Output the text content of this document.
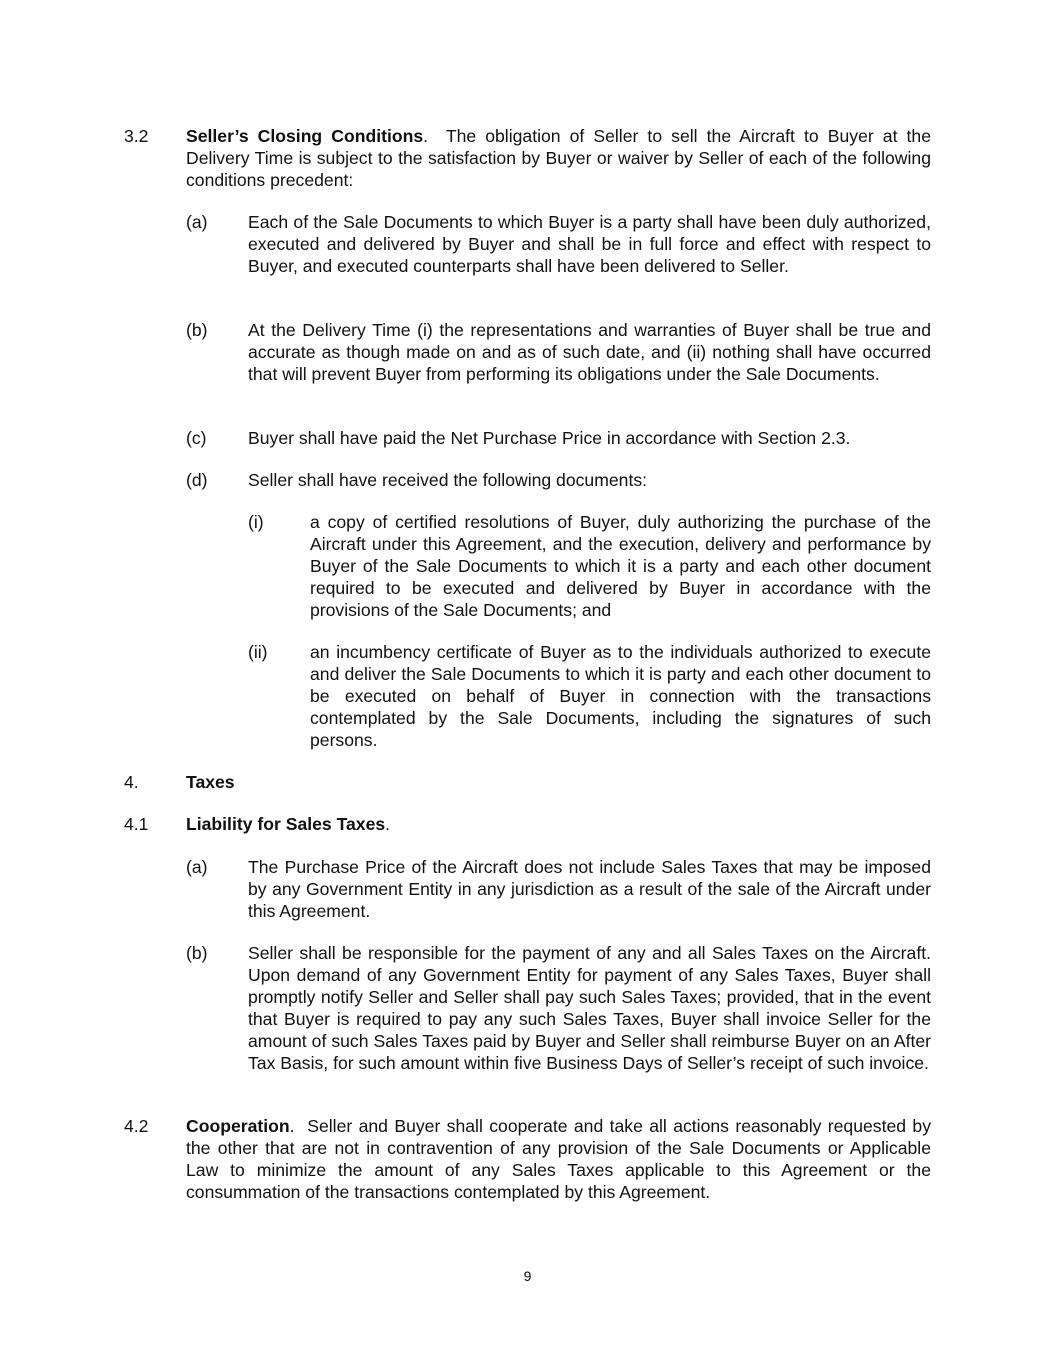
3.2 Seller’s Closing Conditions.  The obligation of Seller to sell the Aircraft to Buyer at the Delivery Time is subject to the satisfaction by Buyer or waiver by Seller of each of the following conditions precedent:

(a) Each of the Sale Documents to which Buyer is a party shall have been duly authorized, executed and delivered by Buyer and shall be in full force and effect with respect to Buyer, and executed counterparts shall have been delivered to Seller.

(b) At the Delivery Time (i) the representations and warranties of Buyer shall be true and accurate as though made on and as of such date, and (ii) nothing shall have occurred that will prevent Buyer from performing its obligations under the Sale Documents.

(c) Buyer shall have paid the Net Purchase Price in accordance with Section 2.3.

(d) Seller shall have received the following documents:

(i)	a copy of certified resolutions of Buyer, duly authorizing the purchase of the Aircraft under this Agreement, and the execution, delivery and performance by Buyer of the Sale Documents to which it is a party and each other document required to be executed and delivered by Buyer in accordance with the provisions of the Sale Documents; and

(ii) an incumbency certificate of Buyer as to the individuals authorized to execute and deliver the Sale Documents to which it is party and each other document to be executed on behalf of Buyer in connection with the transactions contemplated by the Sale Documents, including the signatures of such persons.

4.	Taxes

4.1 Liability for Sales Taxes.

(a) The Purchase Price of the Aircraft does not include Sales Taxes that may be imposed by any Government Entity in any jurisdiction as a result of the sale of the Aircraft under this Agreement.

(b) Seller shall be responsible for the payment of any and all Sales Taxes on the Aircraft.  Upon demand of any Government Entity for payment of any Sales Taxes, Buyer shall promptly notify Seller and Seller shall pay such Sales Taxes; provided, that in the event that Buyer is required to pay any such Sales Taxes, Buyer shall invoice Seller for the amount of such Sales Taxes paid by Buyer and Seller shall reimburse Buyer on an After Tax Basis, for such amount within five Business Days of Seller’s receipt of such invoice.

4.2 Cooperation.  Seller and Buyer shall cooperate and take all actions reasonably requested by the other that are not in contravention of any provision of the Sale Documents or Applicable Law to minimize the amount of any Sales Taxes applicable to this Agreement or the consummation of the transactions contemplated by this Agreement.

9
